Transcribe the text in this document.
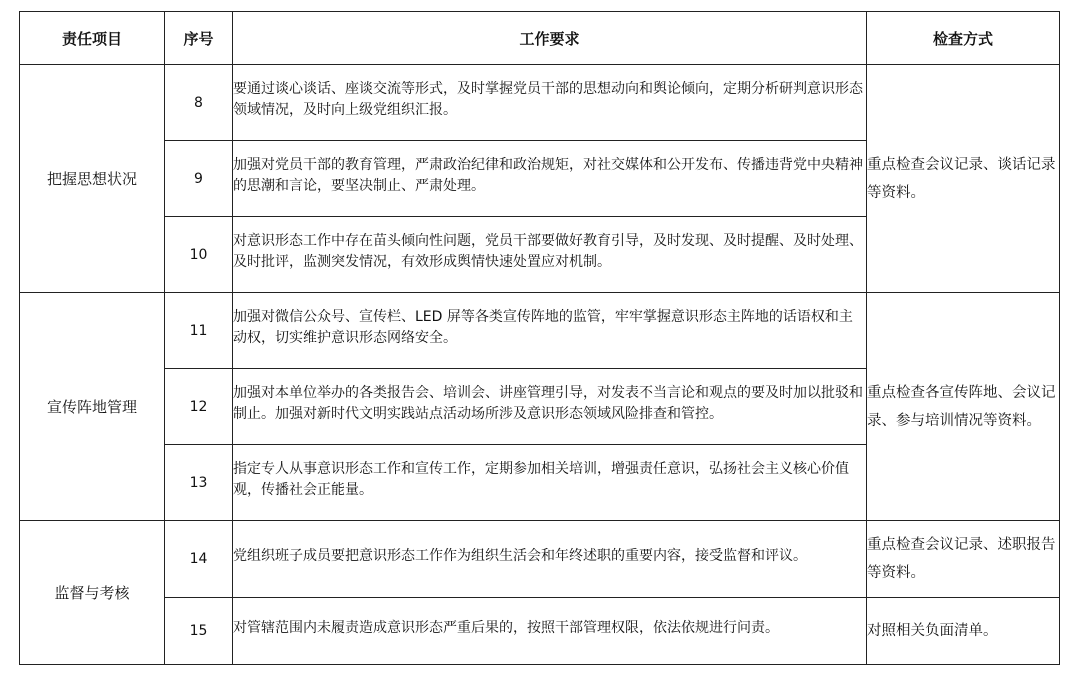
责任项目	序号	工作要求	检查方式

把握思想状况	8	要通过谈心谈话、座谈交流等形式，及时掌握党员干部的思想动向和舆论倾向，定期分析研判意识形态领域情况，及时向上级党组织汇报。	重点检查会议记录、谈话记录等资料。

	9	加强对党员干部的教育管理，严肃政治纪律和政治规矩，对社交媒体和公开发布、传播违背党中央精神的思潮和言论，要坚决制止、严肃处理。	

	10	对意识形态工作中存在苗头倾向性问题，党员干部要做好教育引导，及时发现、及时提醒、及时处理、及时批评，监测突发情况，有效形成舆情快速处置应对机制。	

宣传阵地管理	11	加强对微信公众号、宣传栏、LED 屏等各类宣传阵地的监管，牢牢掌握意识形态主阵地的话语权和主动权，切实维护意识形态网络安全。	重点检查各宣传阵地、会议记录、参与培训情况等资料。

	12	加强对本单位举办的各类报告会、培训会、讲座管理引导，对发表不当言论和观点的要及时加以批驳和制止。加强对新时代文明实践站点活动场所涉及意识形态领域风险排查和管控。	

	13	指定专人从事意识形态工作和宣传工作，定期参加相关培训，增强责任意识，弘扬社会主义核心价值观，传播社会正能量。	

监督与考核	14	党组织班子成员要把意识形态工作作为组织生活会和年终述职的重要内容，接受监督和评议。	重点检查会议记录、述职报告等资料。

	15	对管辖范围内未履责造成意识形态严重后果的，按照干部管理权限，依法依规进行问责。	对照相关负面清单。
